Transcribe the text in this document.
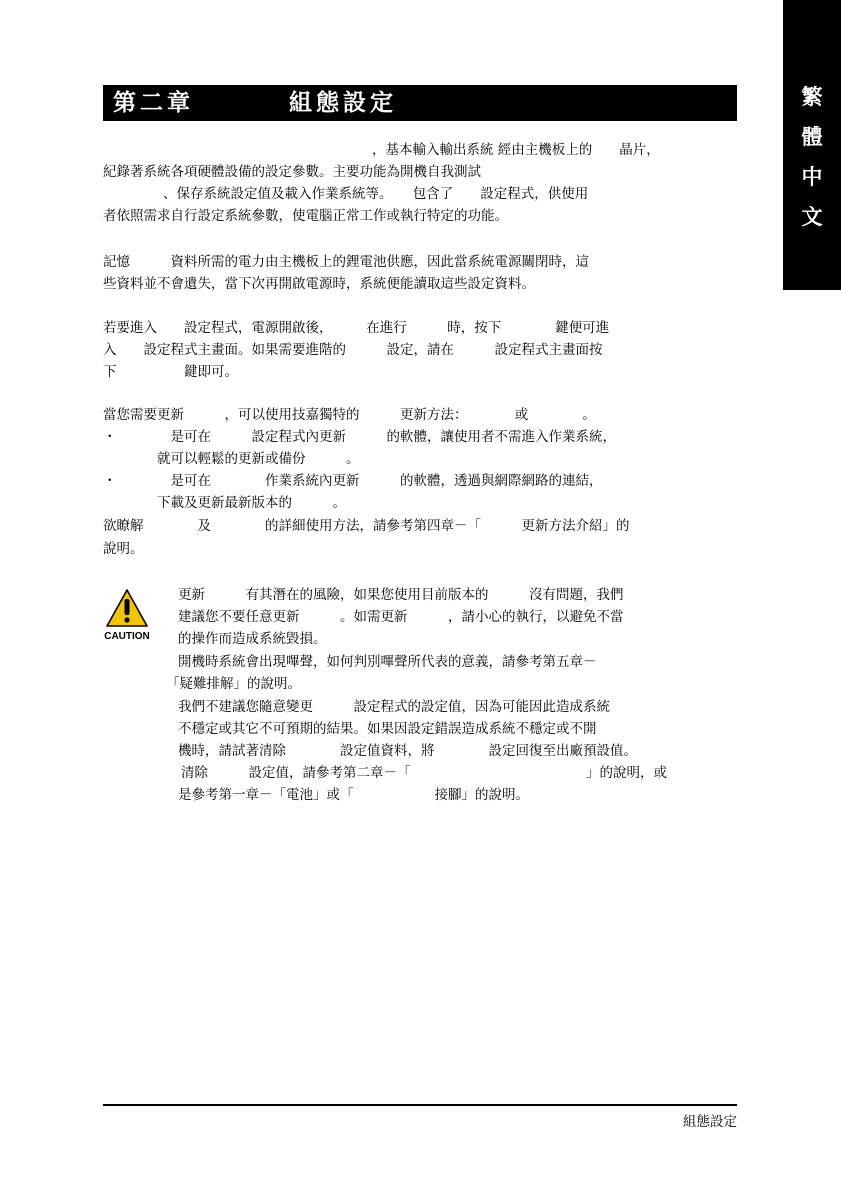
繁
體
中
文
第二章	組態設定
，基本輸入輸出系統 經由主機板上的　　晶片，
紀錄著系統各項硬體設備的設定參數。主要功能為開機自我測試
、保存系統設定值及載入作業系統等。　　包含了　　設定程式，供使用
者依照需求自行設定系統參數，使電腦正常工作或執行特定的功能。
記憶　　　資料所需的電力由主機板上的鋰電池供應，因此當系統電源關閉時，這
些資料並不會遺失，當下次再開啟電源時，系統便能讀取這些設定資料。
若要進入　　設定程式，電源開啟後，　　　在進行　　　時，按下　　　　鍵便可進
入　　設定程式主畫面。如果需要進階的　　　設定，請在　　　設定程式主畫面按
下　　　　　鍵即可。
當您需要更新　　　，可以使用技嘉獨特的　　　更新方法：　　　　或　　　　。
・　　　　是可在　　　設定程式內更新　　　的軟體，讓使用者不需進入作業系統，
　　　　就可以輕鬆的更新或備份　　　。
・　　　　是可在　　　　作業系統內更新　　　的軟體，透過與網際網路的連結，
　　　　下載及更新最新版本的　　　。
欲瞭解　　　　及　　　　的詳細使用方法，請參考第四章－「　　　更新方法介紹」的
說明。
CAUTION
更新　　　有其潛在的風險，如果您使用目前版本的　　　沒有問題，我們
建議您不要任意更新　　　。如需更新　　　，請小心的執行，以避免不當
的操作而造成系統毀損。
開機時系統會出現嗶聲，如何判別嗶聲所代表的意義，請參考第五章－
「疑難排解」的說明。
我們不建議您隨意變更　　　設定程式的設定值，因為可能因此造成系統
不穩定或其它不可預期的結果。如果因設定錯誤造成系統不穩定或不開
機時，請試著清除　　　　設定值資料，將　　　　設定回復至出廠預設值。
清除　　　設定值，請參考第二章－「　　　　　　　　　　　　　」的說明，或
是參考第一章－「電池」或「　　　　　　接腳」的說明。
組態設定
